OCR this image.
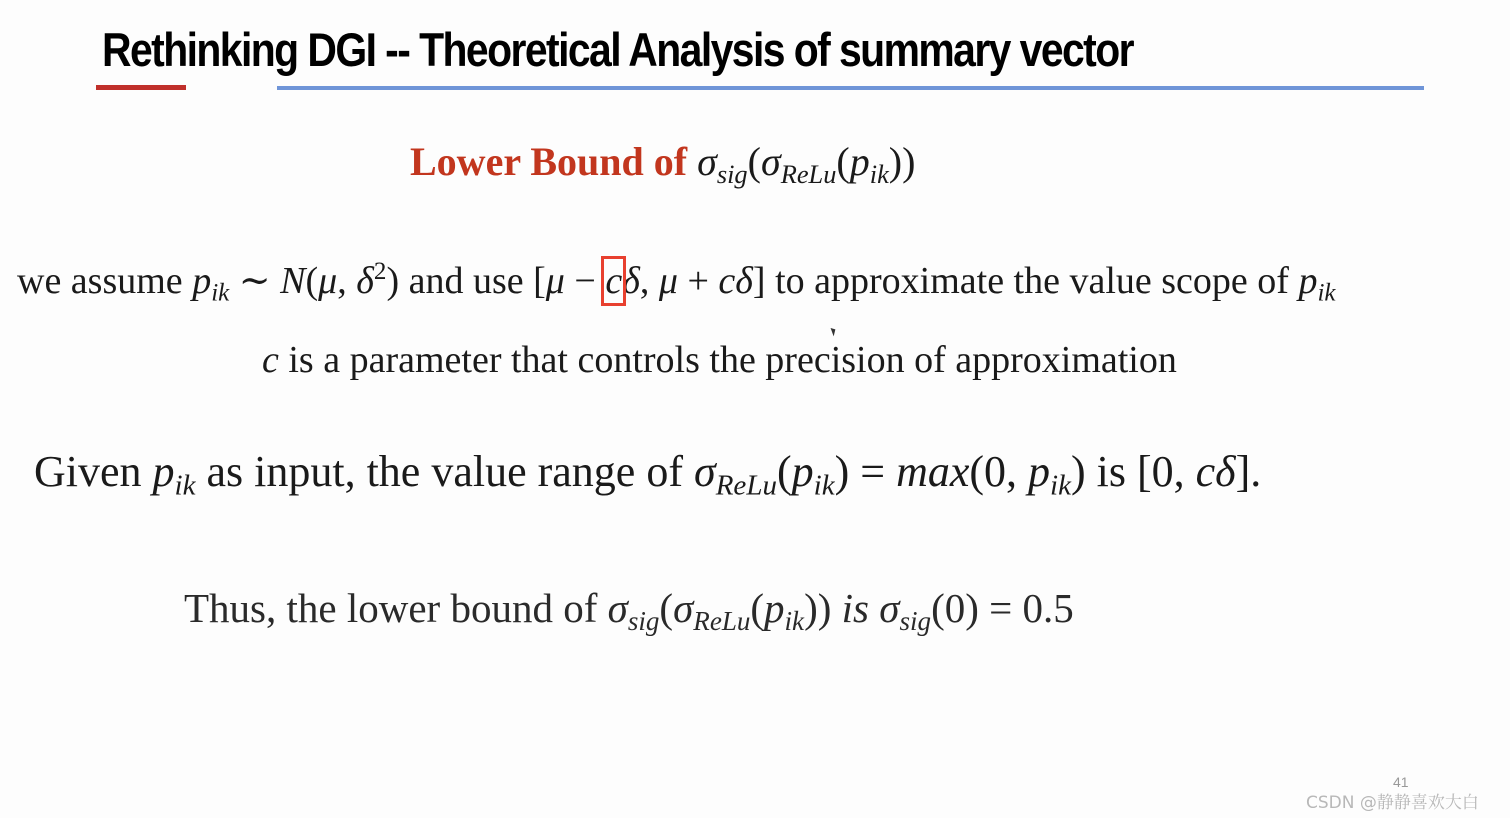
Rethinking DGI -- Theoretical Analysis of summary vector
Lower Bound of $\sigma_{sig}(\sigma_{ReLu}(p_{ik}))$
we assume $p_{ik}$ ∼ N(μ, $\delta^2$) and use [μ − cδ, μ + cδ] to approximate the value scope of $p_{ik}$
c is a parameter that controls the precision of approximation
Given $p_{ik}$ as input, the value range of $\sigma_{ReLu}(p_{ik}) = \max(0$, $p_{ik}$) is [0, cδ].
Thus, the lower bound of $\sigma_{sig}(\sigma_{ReLu}(p_{ik}))$ is $\sigma_{sig}(0) = 0.5$
41
CSDN @静静喜欢大白
